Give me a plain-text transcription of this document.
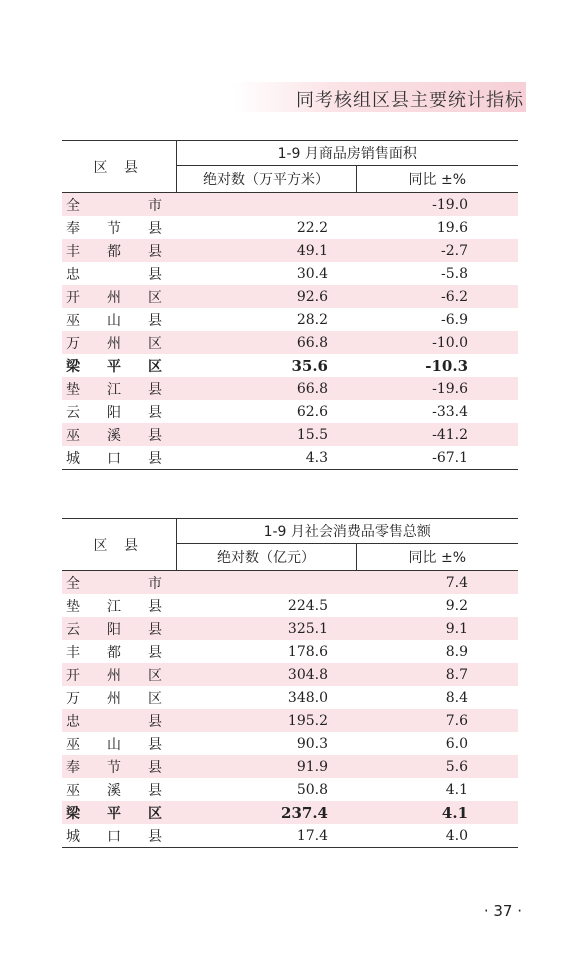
同考核组区县主要统计指标
区 县	1-9 月商品房销售面积	
	绝对数（万平方米）	同比 ±%

全 市		-19.0

奉 节 县	22.2	19.6

丰 都 县	49.1	-2.7

忠 县	30.4	-5.8

开 州 区	92.6	-6.2

巫 山 县	28.2	-6.9

万 州 区	66.8	-10.0

梁 平 区	35.6	-10.3

垫 江 县	66.8	-19.6

云 阳 县	62.6	-33.4

巫 溪 县	15.5	-41.2

城 口 县	4.3	-67.1
区 县	1-9 月社会消费品零售总额	
	绝对数（亿元）	同比 ±%

全 市		7.4

垫 江 县	224.5	9.2

云 阳 县	325.1	9.1

丰 都 县	178.6	8.9

开 州 区	304.8	8.7

万 州 区	348.0	8.4

忠 县	195.2	7.6

巫 山 县	90.3	6.0

奉 节 县	91.9	5.6

巫 溪 县	50.8	4.1

梁 平 区	237.4	4.1

城 口 县	17.4	4.0
· 37 ·
